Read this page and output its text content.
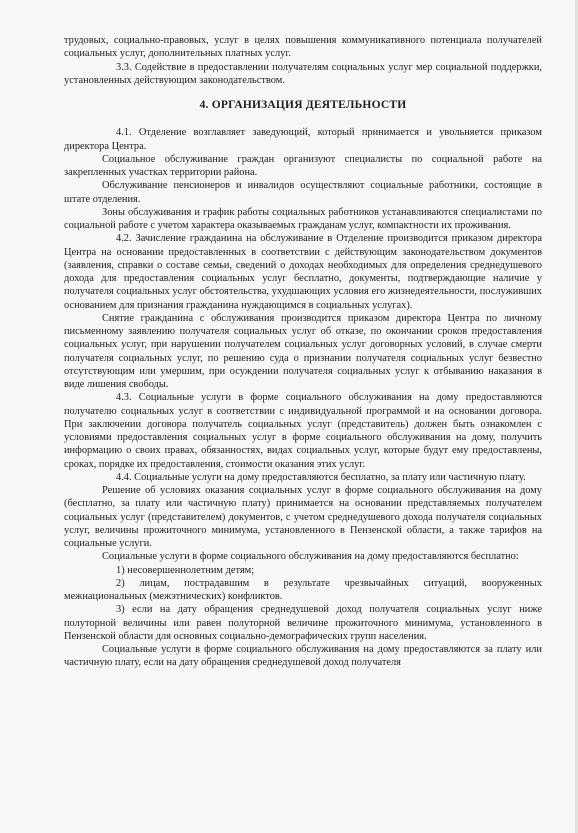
трудовых, социально-правовых, услуг в целях повышения коммуникативного потенциала получателей социальных услуг, дополнительных платных услуг.

3.3. Содействие в предоставлении получателям социальных услуг мер социальной поддержки, установленных действующим законодательством.

4. ОРГАНИЗАЦИЯ ДЕЯТЕЛЬНОСТИ

4.1. Отделение возглавляет заведующий, который принимается и увольняется приказом директора Центра.

Социальное обслуживание граждан организуют специалисты по социальной работе на закрепленных участках территории района.

Обслуживание пенсионеров и инвалидов осуществляют социальные работники, состоящие в штате отделения.

Зоны обслуживания и график работы социальных работников устанавливаются специалистами по социальной работе с учетом характера оказываемых гражданам услуг, компактности их проживания.

4.2. Зачисление гражданина на обслуживание в Отделение производится приказом директора Центра на основании предоставленных в соответствии с действующим законодательством документов (заявления, справки о составе семьи, сведений о доходах необходимых для определения среднедушевого дохода для предоставления социальных услуг бесплатно, документы, подтверждающие наличие у получателя социальных услуг обстоятельства, ухудшающих условия его жизнедеятельности, послуживших основанием для признания гражданина нуждающимся в социальных услугах).

Снятие гражданина с обслуживания производится приказом директора Центра по личному письменному заявлению получателя социальных услуг об отказе, по окончании сроков предоставления социальных услуг, при нарушении получателем социальных услуг договорных условий, в случае смерти получателя социальных услуг, по решению суда о признании получателя социальных услуг безвестно отсутствующим или умершим, при осуждении получателя социальных услуг к отбыванию наказания в виде лишения свободы.

4.3. Социальные услуги в форме социального обслуживания на дому предоставляются получателю социальных услуг в соответствии с индивидуальной программой и на основании договора. При заключении договора получатель социальных услуг (представитель) должен быть ознакомлен с условиями предоставления социальных услуг в форме социального обслуживания на дому, получить информацию о своих правах, обязанностях, видах социальных услуг, которые будут ему предоставлены, сроках, порядке их предоставления, стоимости оказания этих услуг.

4.4. Социальные услуги на дому предоставляются бесплатно, за плату или частичную плату.

Решение об условиях оказания социальных услуг в форме социального обслуживания на дому (бесплатно, за плату или частичную плату) принимается на основании представляемых получателем социальных услуг (представителем) документов, с учетом среднедушевого дохода получателя социальных услуг, величины прожиточного минимума, установленного в Пензенской области, а также тарифов на социальные услуги.

Социальные услуги в форме социального обслуживания на дому предоставляются бесплатно:

1) несовершеннолетним детям;

2) лицам, пострадавшим в результате чрезвычайных ситуаций, вооруженных межнациональных (межэтнических) конфликтов.

3) если на дату обращения среднедушевой доход получателя социальных услуг ниже полуторной величины или равен полуторной величине прожиточного минимума, установленного в Пензенской области для основных социально-демографических групп населения.

Социальные услуги в форме социального обслуживания на дому предоставляются за плату или частичную плату, если на дату обращения среднедушевой доход получателя
